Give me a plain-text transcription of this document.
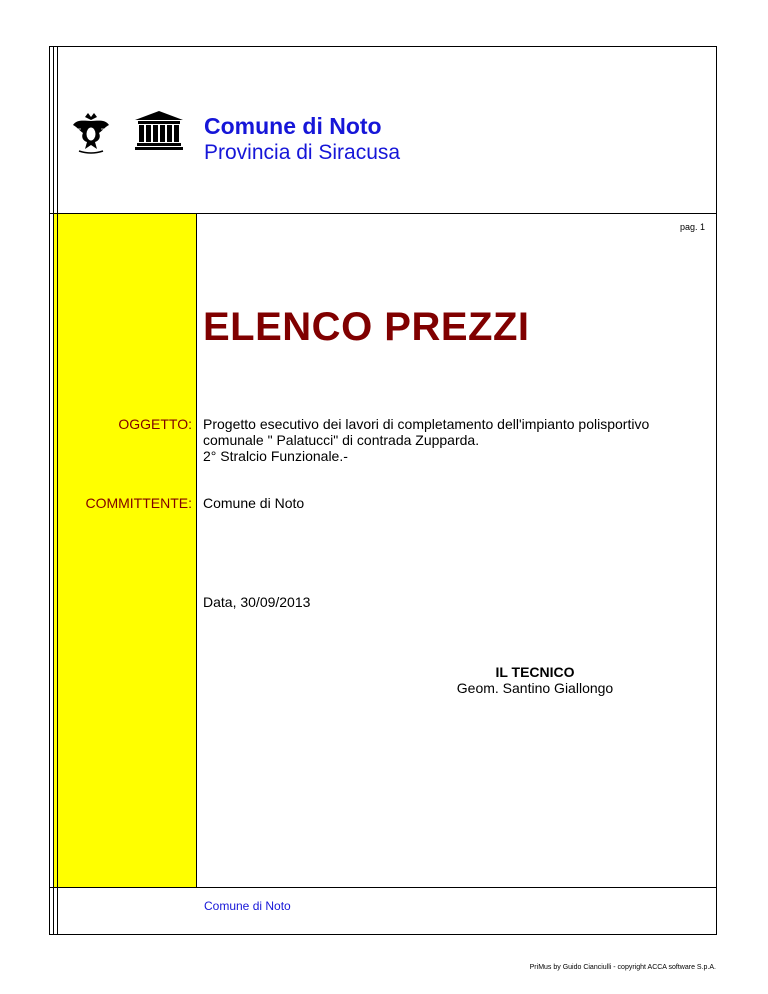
Comune di Noto
Provincia di Siracusa
pag. 1
ELENCO PREZZI
OGGETTO: Progetto esecutivo dei lavori di completamento dell'impianto polisportivo
comunale " Palatucci" di contrada Zupparda.
2° Stralcio Funzionale.-
COMMITTENTE: Comune di Noto
Data, 30/09/2013
IL TECNICO
Geom. Santino Giallongo
Comune di Noto
PriMus by Guido Cianciulli - copyright ACCA software S.p.A.
